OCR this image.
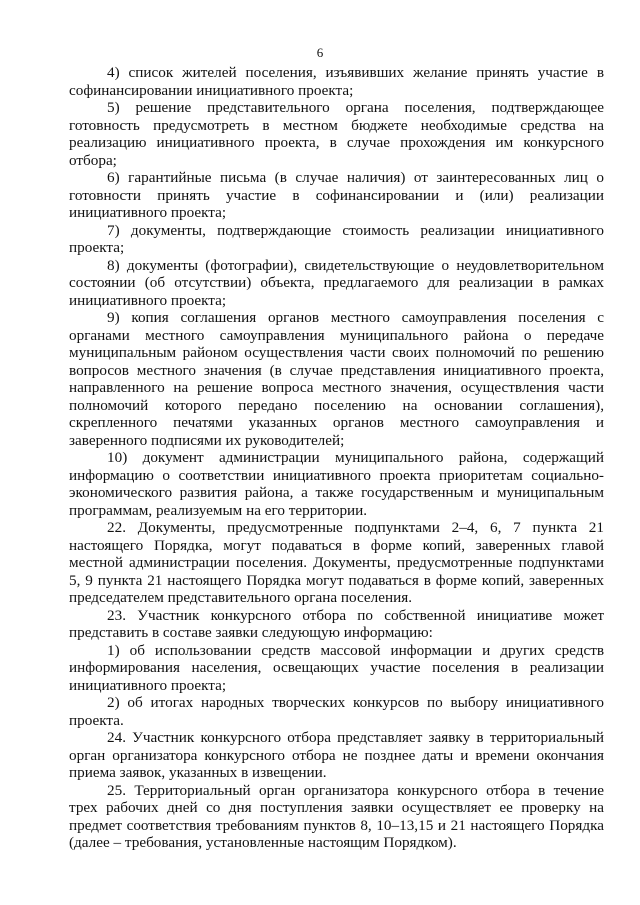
6

4) список жителей поселения, изъявивших желание принять участие в софинансировании инициативного проекта;

5) решение представительного органа поселения, подтверждающее готовность предусмотреть в местном бюджете необходимые средства на реализацию инициативного проекта, в случае прохождения им конкурсного отбора;

6) гарантийные письма (в случае наличия) от заинтересованных лиц о готовности принять участие в софинансировании и (или) реализации инициативного проекта;

7) документы, подтверждающие стоимость реализации инициативного проекта;

8) документы (фотографии), свидетельствующие о неудовлетворительном состоянии (об отсутствии) объекта, предлагаемого для реализации в рамках инициативного проекта;

9) копия соглашения органов местного самоуправления поселения с органами местного самоуправления муниципального района о передаче муниципальным районом осуществления части своих полномочий по решению вопросов местного значения (в случае представления инициативного проекта, направленного на решение вопроса местного значения, осуществления части полномочий которого передано поселению на основании соглашения), скрепленного печатями указанных органов местного самоуправления и заверенного подписями их руководителей;

10) документ администрации муниципального района, содержащий информацию о соответствии инициативного проекта приоритетам социально-экономического развития района, а также государственным и муниципальным программам, реализуемым на его территории.

22. Документы, предусмотренные подпунктами 2–4, 6, 7 пункта 21 настоящего Порядка, могут подаваться в форме копий, заверенных главой местной администрации поселения. Документы, предусмотренные подпунктами 5, 9 пункта 21 настоящего Порядка могут подаваться в форме копий, заверенных председателем представительного органа поселения.

23. Участник конкурсного отбора по собственной инициативе может представить в составе заявки следующую информацию:

1) об использовании средств массовой информации и других средств информирования населения, освещающих участие поселения в реализации инициативного проекта;

2) об итогах народных творческих конкурсов по выбору инициативного проекта.

24. Участник конкурсного отбора представляет заявку в территориальный орган организатора конкурсного отбора не позднее даты и времени окончания приема заявок, указанных в извещении.

25. Территориальный орган организатора конкурсного отбора в течение трех рабочих дней со дня поступления заявки осуществляет ее проверку на предмет соответствия требованиям пунктов 8, 10–13,15 и 21 настоящего Порядка (далее – требования, установленные настоящим Порядком).
